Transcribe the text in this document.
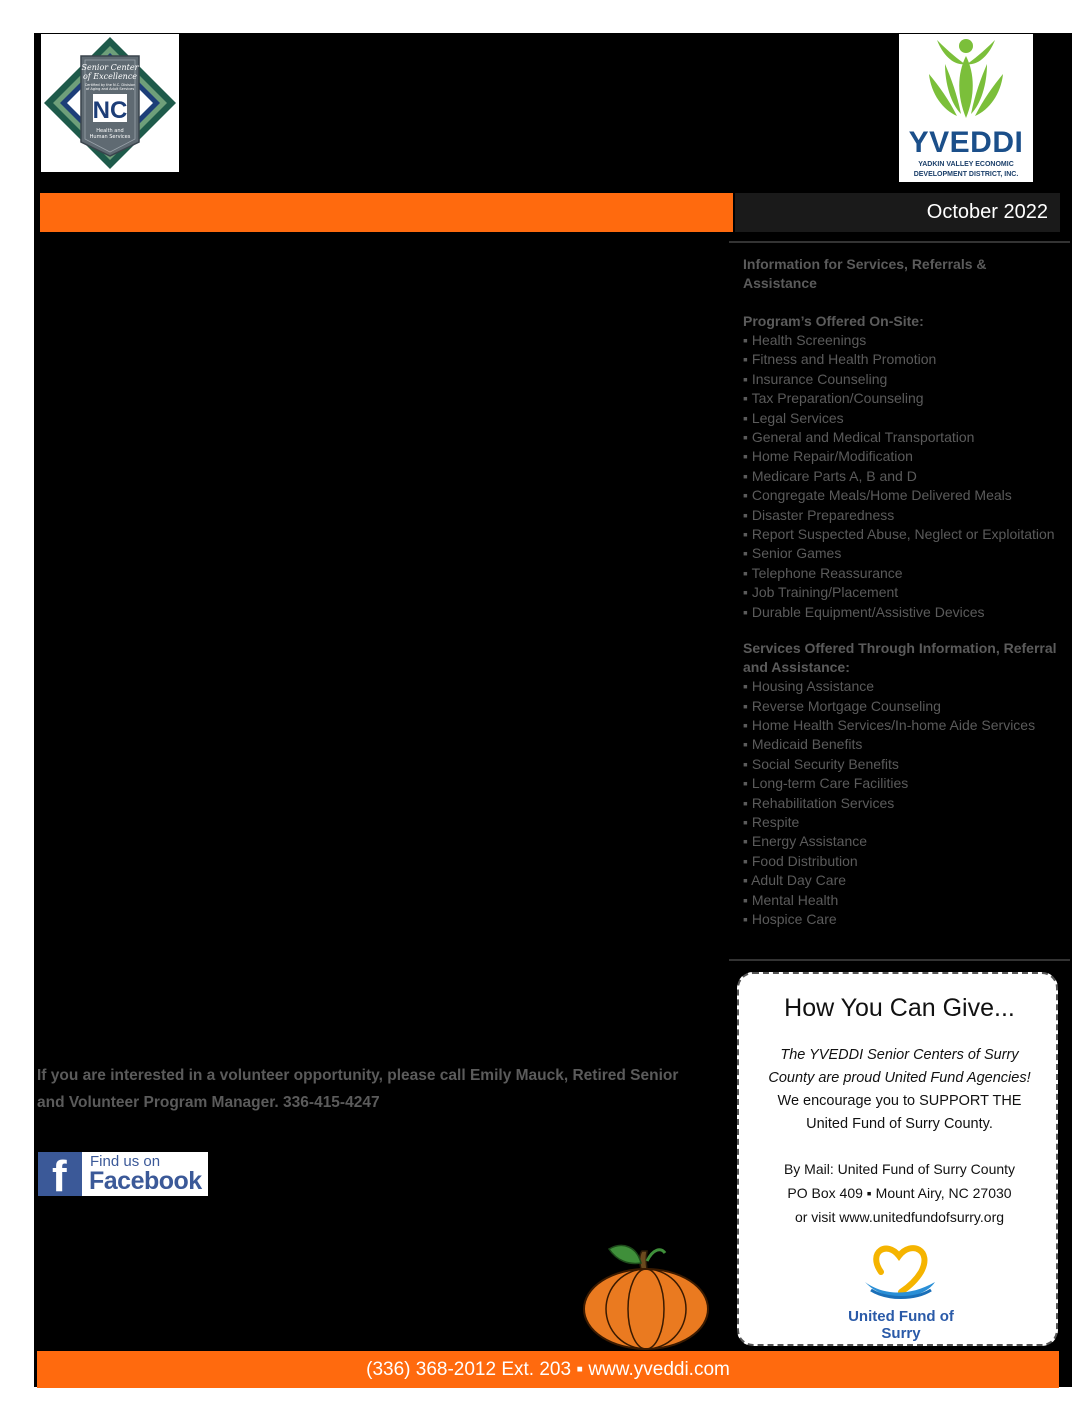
Senior Center
of Excellence
Certified by the N.C. Division
of Aging and Adult Services
NC
Health and
Human Services	YVEDDI
YADKIN VALLEY ECONOMIC
DEVELOPMENT DISTRICT, INC.
October 2022
Information for Services, Referrals & Assistance
Program’s Offered On-Site:
▪ Health Screenings
▪ Fitness and Health Promotion
▪ Insurance Counseling
▪ Tax Preparation/Counseling
▪ Legal Services
▪ General and Medical Transportation
▪ Home Repair/Modification
▪ Medicare Parts A, B and D
▪ Congregate Meals/Home Delivered Meals
▪ Disaster Preparedness
▪ Report Suspected Abuse, Neglect or Exploitation
▪ Senior Games
▪ Telephone Reassurance
▪ Job Training/Placement
▪ Durable Equipment/Assistive Devices
Services Offered Through Information, Referral and Assistance:
▪ Housing Assistance
▪ Reverse Mortgage Counseling
▪ Home Health Services/In-home Aide Services
▪ Medicaid Benefits
▪ Social Security Benefits
▪ Long-term Care Facilities
▪ Rehabilitation Services
▪ Respite
▪ Energy Assistance
▪ Food Distribution
▪ Adult Day Care
▪ Mental Health
▪ Hospice Care
How You Can Give...
The YVEDDI Senior Centers of Surry
County are proud United Fund Agencies!
We encourage you to SUPPORT THE
United Fund of Surry County.
By Mail: United Fund of Surry County
PO Box 409 ▪ Mount Airy, NC 27030
or visit www.unitedfundofsurry.org
United Fund of Surry
If you are interested in a volunteer opportunity, please call Emily Mauck, Retired Senior
and Volunteer Program Manager. 336-415-4247
f Find us on
Facebook
(336) 368-2012 Ext. 203 ▪ www.yveddi.com
